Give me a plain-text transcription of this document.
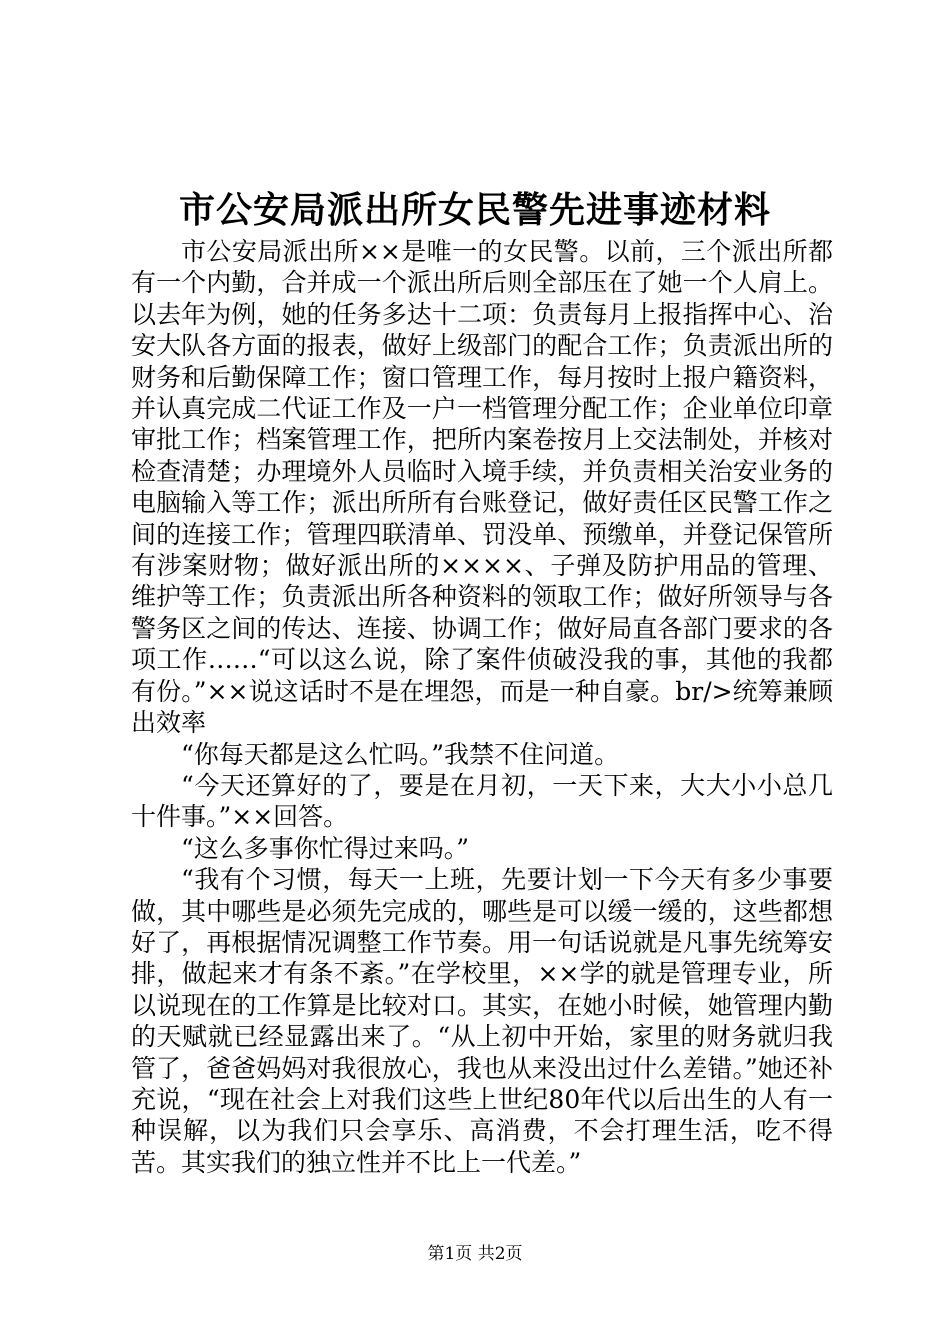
市公安局派出所女民警先进事迹材料

市公安局派出所××是唯一的女民警。以前，三个派出所都有一个内勤，合并成一个派出所后则全部压在了她一个人肩上。以去年为例，她的任务多达十二项：负责每月上报指挥中心、治安大队各方面的报表，做好上级部门的配合工作；负责派出所的财务和后勤保障工作；窗口管理工作，每月按时上报户籍资料，并认真完成二代证工作及一户一档管理分配工作；企业单位印章审批工作；档案管理工作，把所内案卷按月上交法制处，并核对检查清楚；办理境外人员临时入境手续，并负责相关治安业务的电脑输入等工作；派出所所有台账登记，做好责任区民警工作之间的连接工作；管理四联清单、罚没单、预缴单，并登记保管所有涉案财物；做好派出所的××××、子弹及防护用品的管理、维护等工作；负责派出所各种资料的领取工作；做好所领导与各警务区之间的传达、连接、协调工作；做好局直各部门要求的各项工作……“可以这么说，除了案件侦破没我的事，其他的我都有份。”××说这话时不是在埋怨，而是一种自豪。br/>统筹兼顾出效率

“你每天都是这么忙吗。”我禁不住问道。

“今天还算好的了，要是在月初，一天下来，大大小小总几十件事。”××回答。

“这么多事你忙得过来吗。”

“我有个习惯，每天一上班，先要计划一下今天有多少事要做，其中哪些是必须先完成的，哪些是可以缓一缓的，这些都想好了，再根据情况调整工作节奏。用一句话说就是凡事先统筹安排，做起来才有条不紊。”在学校里，××学的就是管理专业，所以说现在的工作算是比较对口。其实，在她小时候，她管理内勤的天赋就已经显露出来了。“从上初中开始，家里的财务就归我管了，爸爸妈妈对我很放心，我也从来没出过什么差错。”她还补充说，“现在社会上对我们这些上世纪80年代以后出生的人有一种误解，以为我们只会享乐、高消费，不会打理生活，吃不得苦。其实我们的独立性并不比上一代差。”

第1页 共2页
